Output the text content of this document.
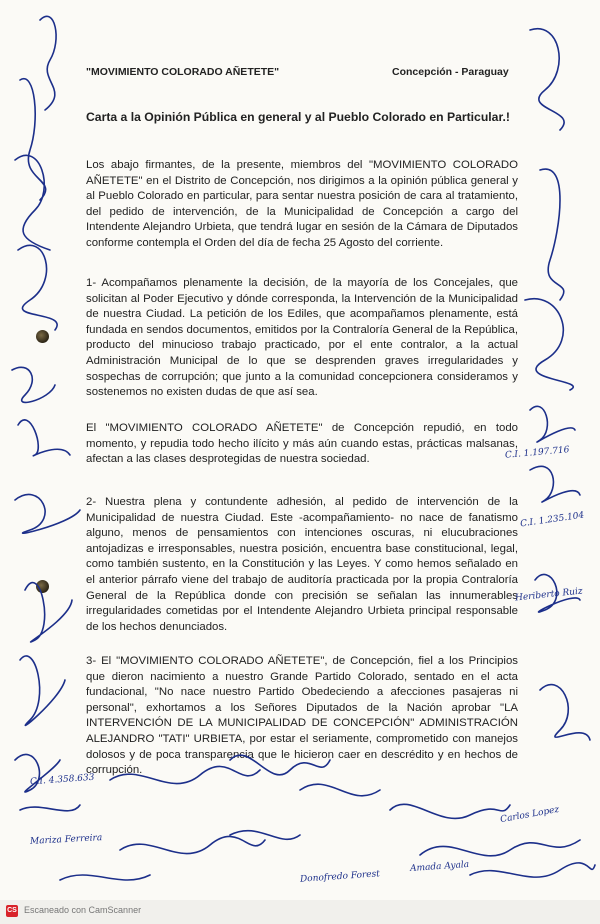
"MOVIMIENTO COLORADO AÑETETE"	Concepción - Paraguay
Carta a la Opinión Pública en general y al Pueblo Colorado en Particular.!

Los abajo firmantes, de la presente, miembros del "MOVIMIENTO COLORADO AÑETETE" en el Distrito de Concepción, nos dirigimos a la opinión pública general y al Pueblo Colorado en particular, para sentar nuestra posición de cara al tratamiento, del pedido de intervención, de la Municipalidad de Concepción a cargo del Intendente Alejandro Urbieta, que tendrá lugar en sesión de la Cámara de Diputados conforme contempla el Orden del día de fecha 25 Agosto del corriente.

1- Acompañamos plenamente la decisión, de la mayoría de los Concejales, que solicitan al Poder Ejecutivo y dónde corresponda, la Intervención de la Municipalidad de nuestra Ciudad. La petición de los Ediles, que acompañamos plenamente, está fundada en sendos documentos, emitidos por la Contraloría General de la República, producto del minucioso trabajo practicado, por el ente contralor, a la actual Administración Municipal de lo que se desprenden graves irregularidades y sospechas de corrupción; que junto a la comunidad concepcionera consideramos y sostenemos no existen dudas de que así sea.

El "MOVIMIENTO COLORADO AÑETETE" de Concepción repudió, en todo momento, y repudia todo hecho ilícito y más aún cuando estas, prácticas malsanas, afectan a las clases desprotegidas de nuestra sociedad.

2- Nuestra plena y contundente adhesión, al pedido de intervención de la Municipalidad de nuestra Ciudad. Este -acompañamiento- no nace de fanatismo alguno, menos de pensamientos con intenciones oscuras, ni elucubraciones antojadizas e irresponsables, nuestra posición, encuentra base constitucional, legal, como también sustento, en la Constitución y las Leyes. Y como hemos señalado en el anterior párrafo viene del trabajo de auditoría practicada por la propia Contraloría General de la República donde con precisión se señalan las innumerables irregularidades cometidas por el Intendente Alejandro Urbieta principal responsable de los hechos denunciados.

3- El "MOVIMIENTO COLORADO AÑETETE", de Concepción, fiel a los Principios que dieron nacimiento a nuestro Grande Partido Colorado, sentado en el acta fundacional, "No nace nuestro Partido Obedeciendo a afecciones pasajeras ni personal", exhortamos a los Señores Diputados de la Nación aprobar "LA INTERVENCIÓN DE LA MUNICIPALIDAD DE CONCEPCIÓN" ADMINISTRACIÓN ALEJANDRO "TATI" URBIETA, por estar el seriamente, comprometido con manejos dolosos y de poca transparencia que le hicieron caer en descrédito y en hechos de corrupción.

C.I. 1.197.716
C.I. 1.235.104
C.I. 4.358.633
Mariza Ferreira
Carlos Lopez
Donofredo Forest
Amada Ayala
Heriberto Ruiz
CS Escaneado con CamScanner
